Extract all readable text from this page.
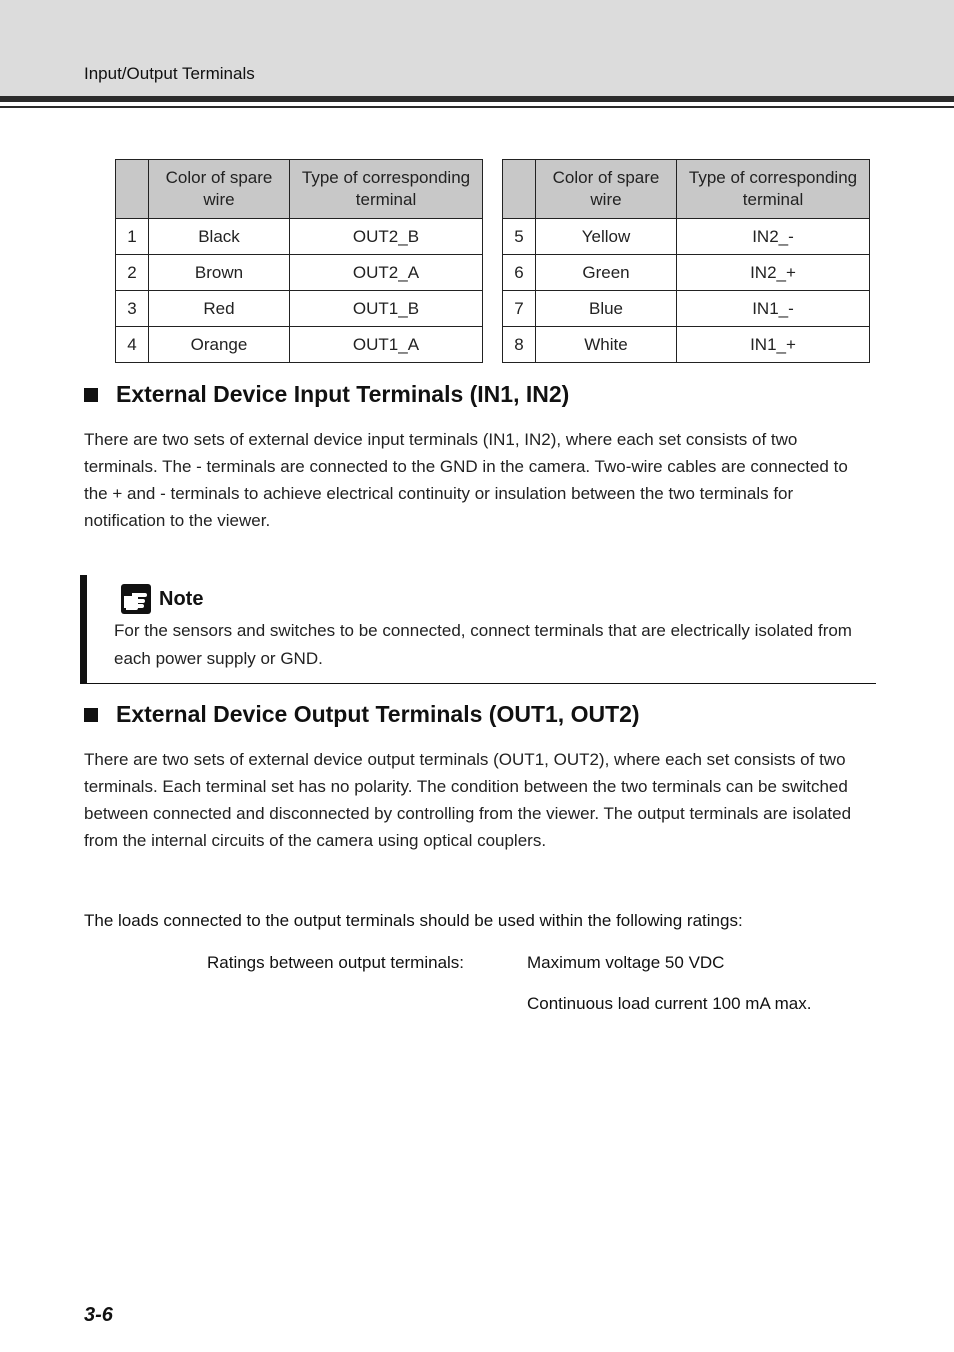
Input/Output Terminals
	Color of spare wire	Type of corresponding terminal
1	Black	OUT2_B
2	Brown	OUT2_A
3	Red	OUT1_B
4	Orange	OUT1_A
	Color of spare wire	Type of corresponding terminal
5	Yellow	IN2_-
6	Green	IN2_+
7	Blue	IN1_-
8	White	IN1_+
External Device Input Terminals (IN1, IN2)
There are two sets of external device input terminals (IN1, IN2), where each set consists of two terminals. The - terminals are connected to the GND in the camera. Two-wire cables are connected to the + and - terminals to achieve electrical continuity or insulation between the two terminals for notification to the viewer.
Note
For the sensors and switches to be connected, connect terminals that are electrically isolated from each power supply or GND.
External Device Output Terminals (OUT1, OUT2)
There are two sets of external device output terminals (OUT1, OUT2), where each set consists of two terminals. Each terminal set has no polarity. The condition between the two terminals can be switched between connected and disconnected by controlling from the viewer. The output terminals are isolated from the internal circuits of the camera using optical couplers.
The loads connected to the output terminals should be used within the following ratings:
Ratings between output terminals:	Maximum voltage 50 VDC
Continuous load current 100 mA max.
3-6
